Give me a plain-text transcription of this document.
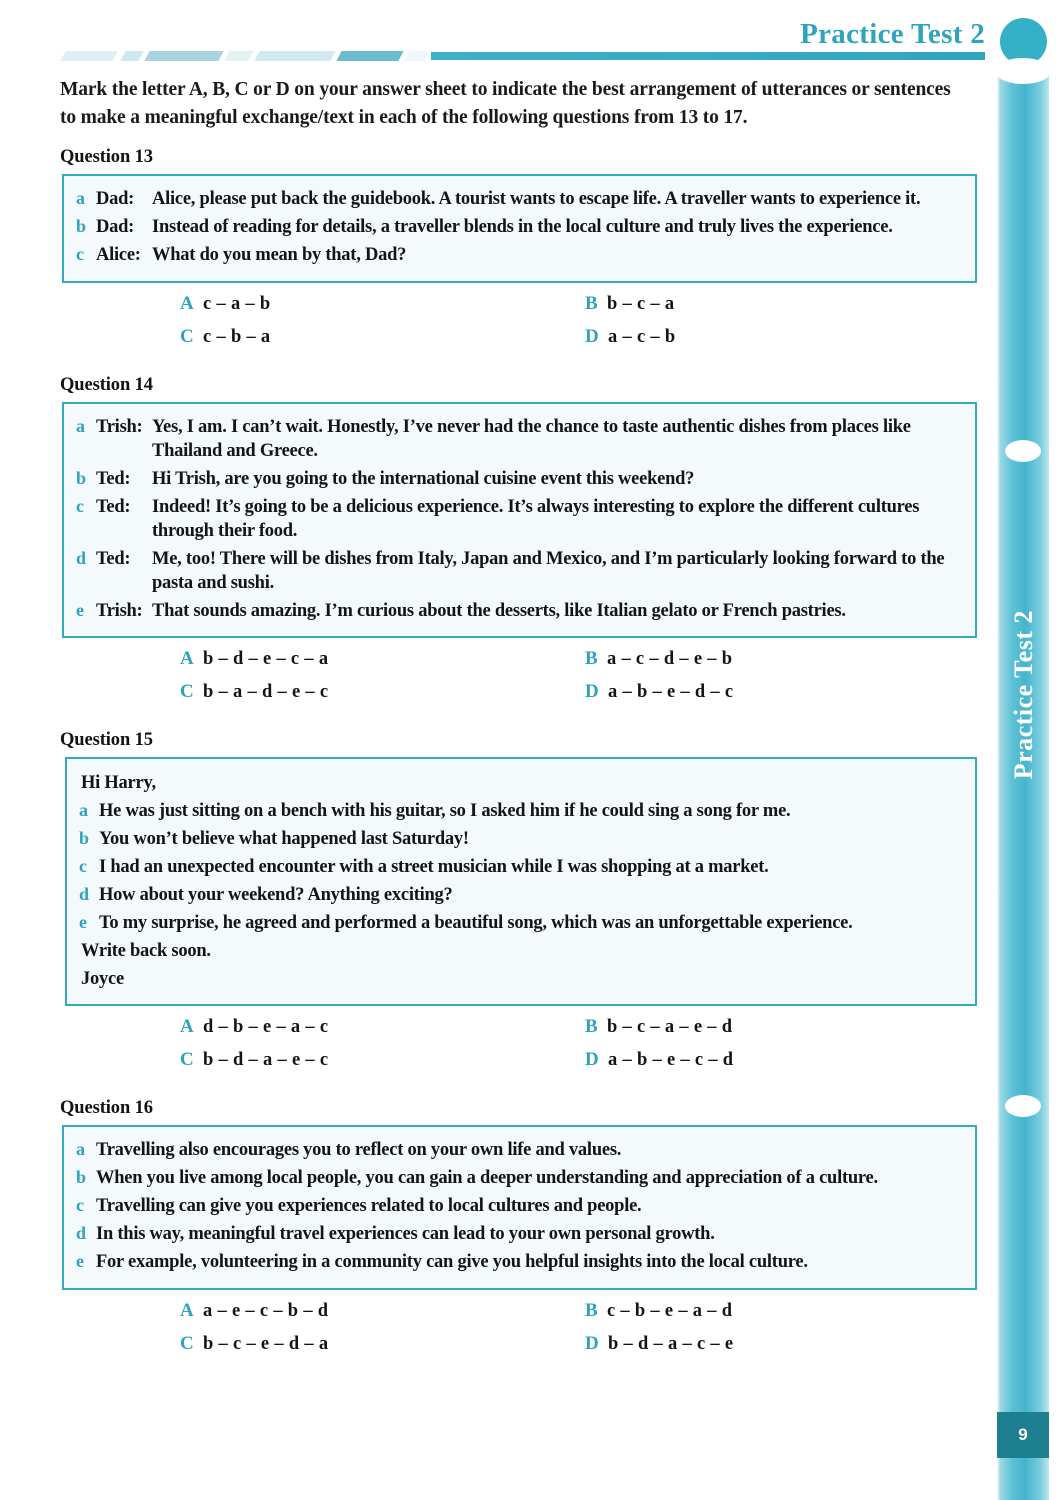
Practice Test 2
9
Practice Test 2

Mark the letter A, B, C or D on your answer sheet to indicate the best arrangement of utterances or sentences to make a meaningful exchange/text in each of the following questions from 13 to 17.

Question 13
a Dad: Alice, please put back the guidebook. A tourist wants to escape life. A traveller wants to experience it.
b Dad: Instead of reading for details, a traveller blends in the local culture and truly lives the experience.
c Alice: What do you mean by that, Dad?
A c – a – b	B b – c – a
C c – b – a	D a – c – b
Question 14
a Trish: Yes, I am. I can’t wait. Honestly, I’ve never had the chance to taste authentic dishes from places like Thailand and Greece.
b Ted:	Hi Trish, are you going to the international cuisine event this weekend?
c Ted:	Indeed! It’s going to be a delicious experience. It’s always interesting to explore the different cultures through their food.
d Ted:	Me, too! There will be dishes from Italy, Japan and Mexico, and I’m particularly looking forward to the pasta and sushi.
e Trish: That sounds amazing. I’m curious about the desserts, like Italian gelato or French pastries.
A b – d – e – c – a	B a – c – d – e – b
C b – a – d – e – c	D a – b – e – d – c
Question 15
Hi Harry,
a He was just sitting on a bench with his guitar, so I asked him if he could sing a song for me.
b You won’t believe what happened last Saturday!
c I had an unexpected encounter with a street musician while I was shopping at a market.
d How about your weekend? Anything exciting?
e To my surprise, he agreed and performed a beautiful song, which was an unforgettable experience.
Write back soon.
Joyce
A d – b – e – a – c	B b – c – a – e – d
C b – d – a – e – c	D a – b – e – c – d
Question 16
a Travelling also encourages you to reflect on your own life and values.
b When you live among local people, you can gain a deeper understanding and appreciation of a culture.
c Travelling can give you experiences related to local cultures and people.
d In this way, meaningful travel experiences can lead to your own personal growth.
e For example, volunteering in a community can give you helpful insights into the local culture.
A a – e – c – b – d	B c – b – e – a – d
C b – c – e – d – a	D b – d – a – c – e
